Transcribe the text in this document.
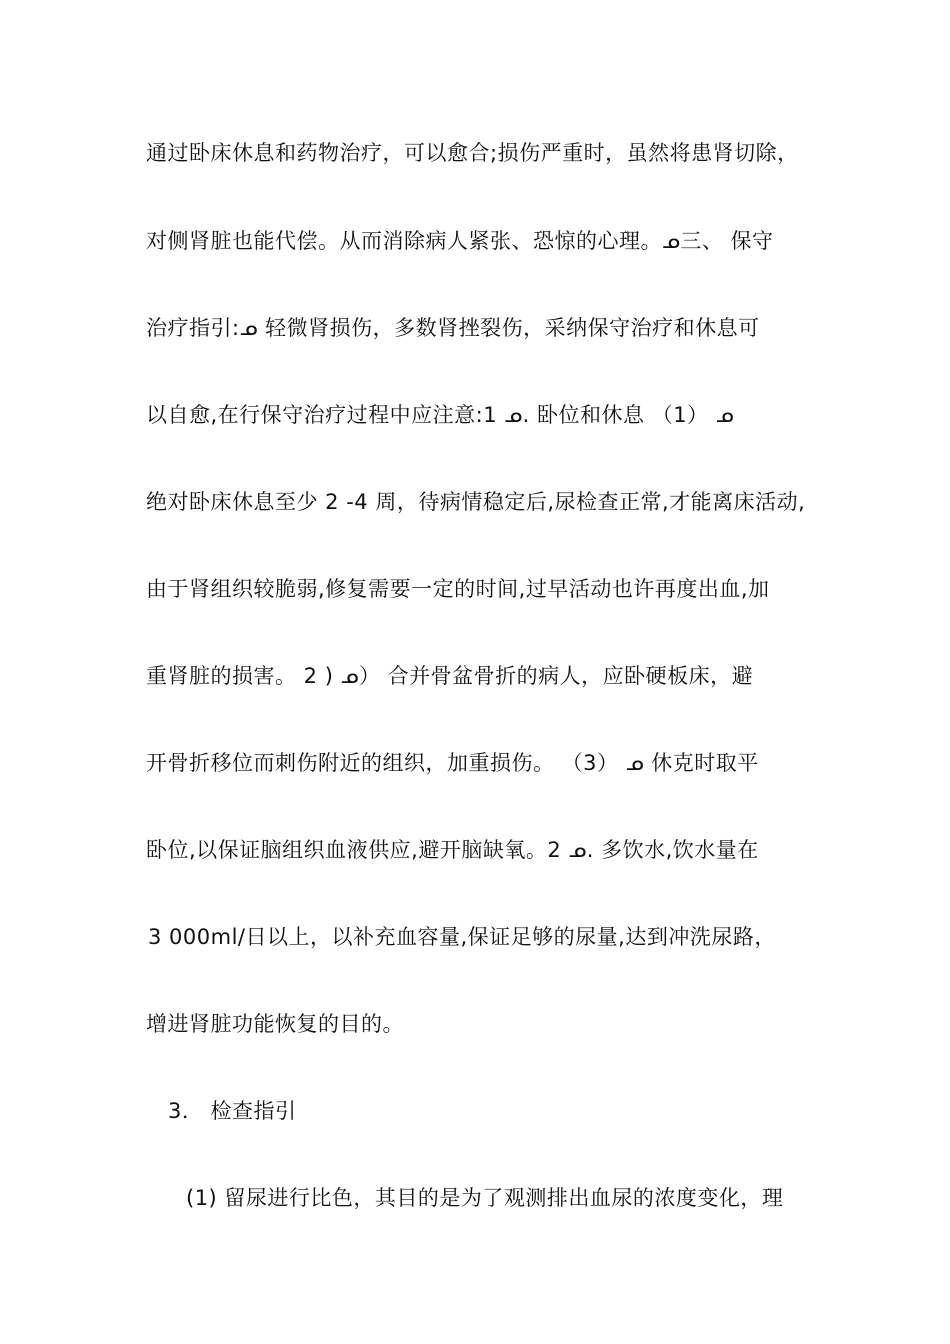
通过卧床休息和药物治疗，可以愈合;损伤严重时，虽然将患肾切除，
对侧肾脏也能代偿。从而消除病人紧张、恐惊的心理。ᓄ三、 保守
治疗指引:ᓄ 轻微肾损伤，多数肾挫裂伤，采纳保守治疗和休息可
以自愈,在行保守治疗过程中应注意:1 ᓄ. 卧位和休息 （1） ᓄ
绝对卧床休息至少 2 -4 周，待病情稳定后,尿检查正常,才能离床活动,
由于肾组织较脆弱,修复需要一定的时间,过早活动也许再度出血,加
重肾脏的损害。 2 ) ᓄ） 合并骨盆骨折的病人，应卧硬板床，避
开骨折移位而刺伤附近的组织，加重损伤。 （3） ᓄ 休克时取平
卧位,以保证脑组织血液供应,避开脑缺氧。2 ᓄ. 多饮水,饮水量在
3 000ml/日以上，以补充血容量,保证足够的尿量,达到冲洗尿路，
增进肾脏功能恢复的目的。
3． 检查指引
(1) 留尿进行比色，其目的是为了观测排出血尿的浓度变化，理
